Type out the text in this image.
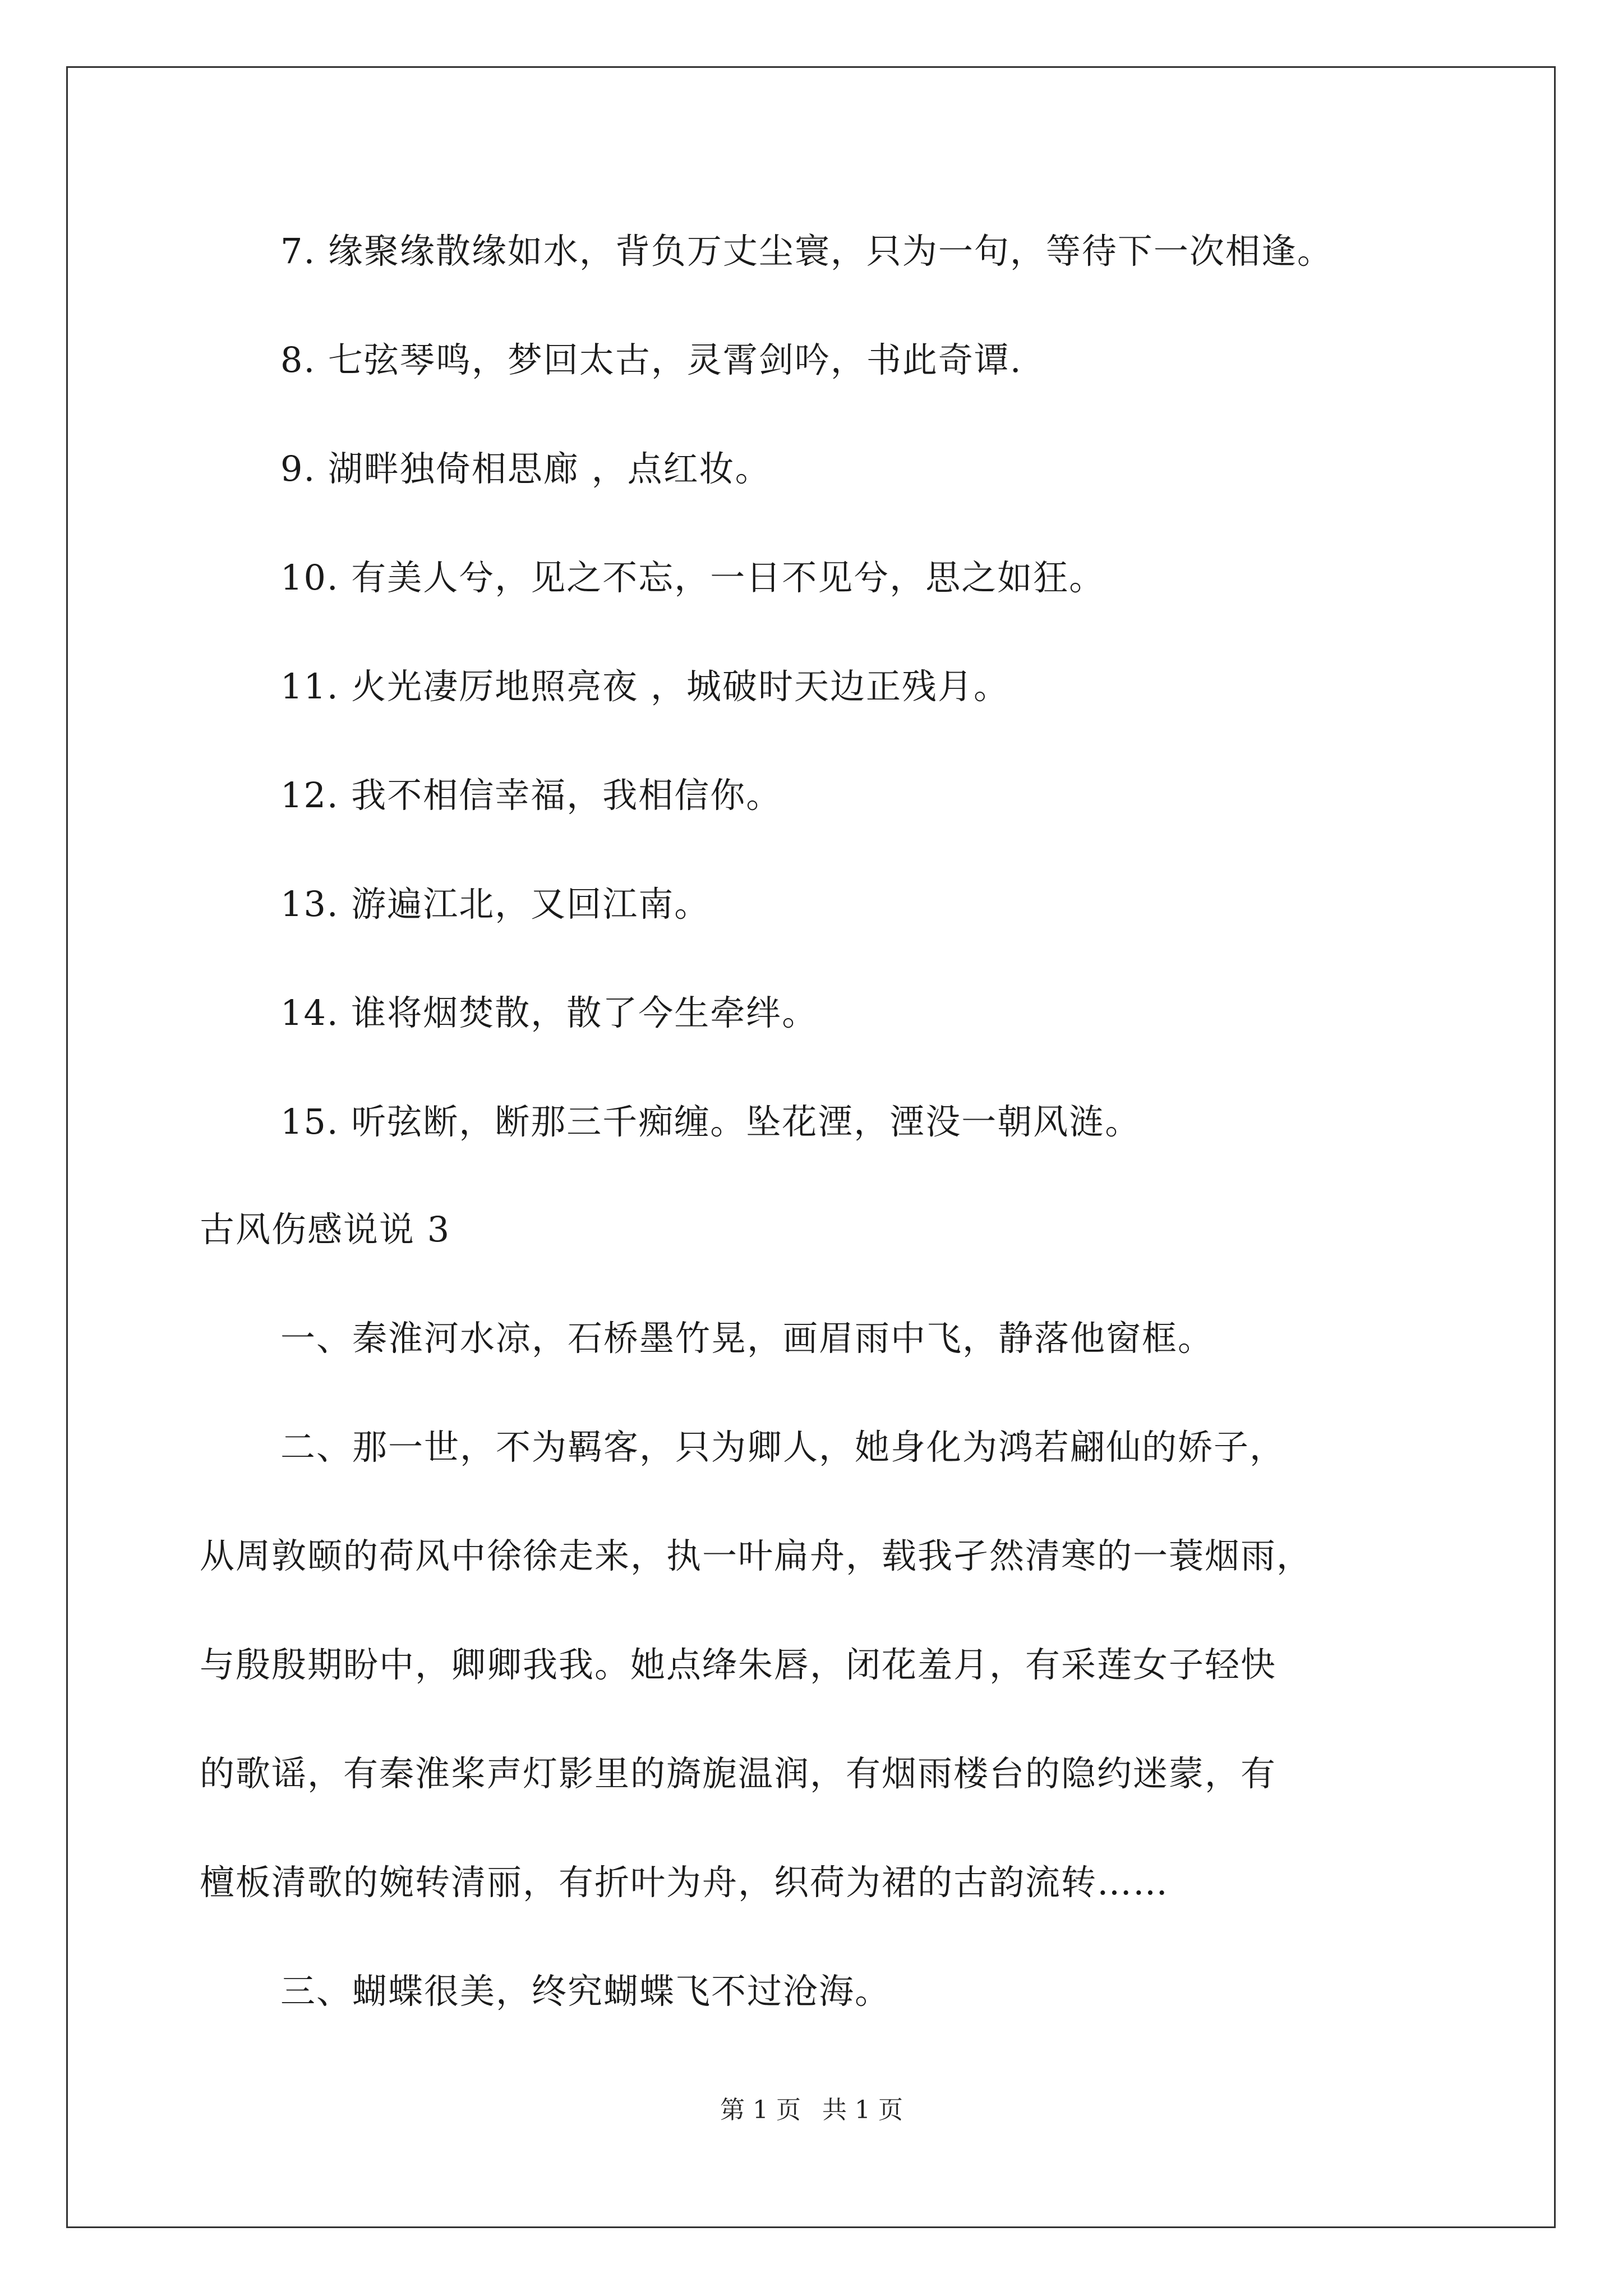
7. 缘聚缘散缘如水，背负万丈尘寰，只为一句，等待下一次相逢。
8. 七弦琴鸣，梦回太古，灵霄剑吟，书此奇谭.
9. 湖畔独倚相思廊 ，点红妆。
10. 有美人兮，见之不忘，一日不见兮，思之如狂。
11. 火光凄厉地照亮夜 ，城破时天边正残月。
12. 我不相信幸福，我相信你。
13. 游遍江北，又回江南。
14. 谁将烟焚散，散了今生牵绊。
15. 听弦断，断那三千痴缠。坠花湮，湮没一朝风涟。
古风伤感说说 3
一、秦淮河水凉，石桥墨竹晃，画眉雨中飞，静落他窗框。
二、那一世，不为羁客，只为卿人，她身化为鸿若翩仙的娇子，
从周敦颐的荷风中徐徐走来，执一叶扁舟，载我孑然清寒的一蓑烟雨，
与殷殷期盼中，卿卿我我。她点绛朱唇，闭花羞月，有采莲女子轻快
的歌谣，有秦淮桨声灯影里的旖旎温润，有烟雨楼台的隐约迷蒙，有
檀板清歌的婉转清丽，有折叶为舟，织荷为裙的古韵流转……
三、蝴蝶很美，终究蝴蝶飞不过沧海。
第 1 页 共 1 页
